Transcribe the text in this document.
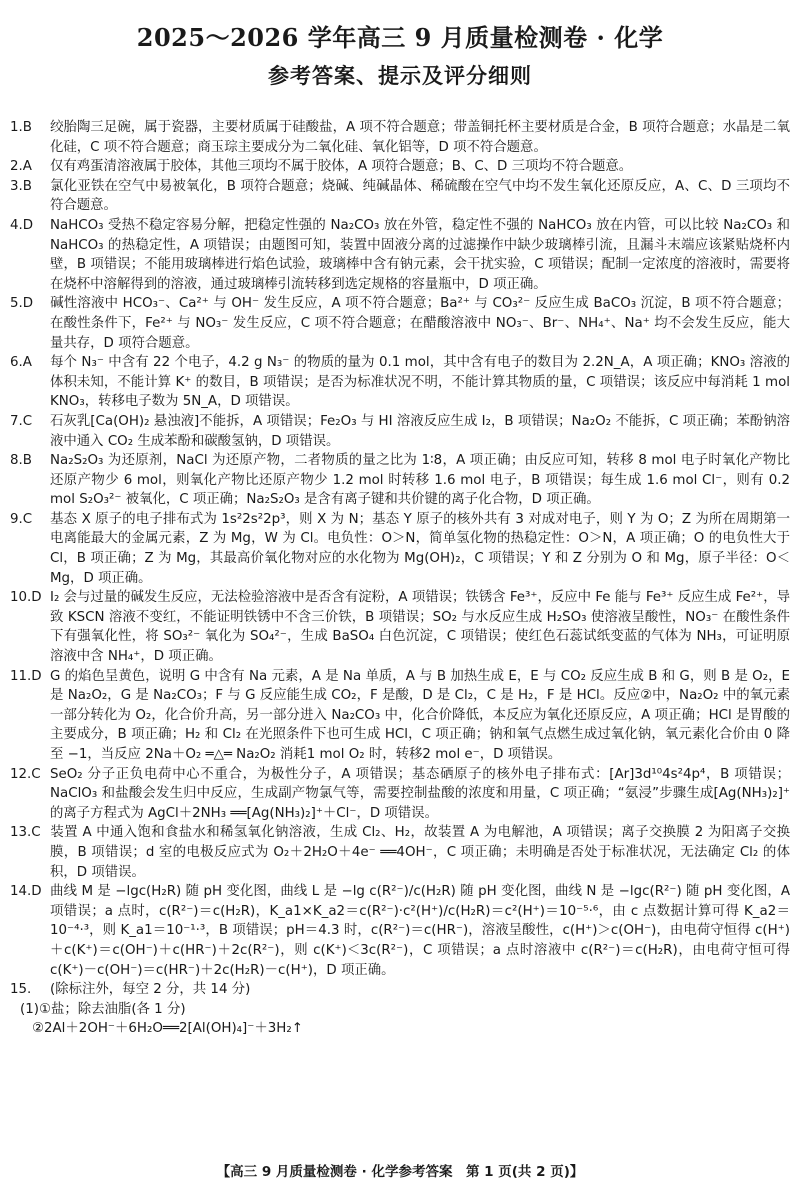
2025～2026 学年高三 9 月质量检测卷 · 化学
参考答案、提示及评分细则

1.B 绞胎陶三足碗，属于瓷器，主要材质属于硅酸盐，A 项不符合题意；带盖铜托杯主要材质是合金，B 项符合题意；水晶是二氧化硅，C 项不符合题意；商玉琮主要成分为二氧化硅、氧化铝等，D 项不符合题意。

2.A 仅有鸡蛋清溶液属于胶体，其他三项均不属于胶体，A 项符合题意；B、C、D 三项均不符合题意。

3.B 氯化亚铁在空气中易被氧化，B 项符合题意；烧碱、纯碱晶体、稀硫酸在空气中均不发生氧化还原反应，A、C、D 三项均不符合题意。

4.D NaHCO₃ 受热不稳定容易分解，把稳定性强的 Na₂CO₃ 放在外管，稳定性不强的 NaHCO₃ 放在内管，可以比较 Na₂CO₃ 和 NaHCO₃ 的热稳定性，A 项错误；由题图可知，装置中固液分离的过滤操作中缺少玻璃棒引流，且漏斗末端应该紧贴烧杯内壁，B 项错误；不能用玻璃棒进行焰色试验，玻璃棒中含有钠元素，会干扰实验，C 项错误；配制一定浓度的溶液时，需要将在烧杯中溶解得到的溶液，通过玻璃棒引流转移到选定规格的容量瓶中，D 项正确。

5.D 碱性溶液中 HCO₃⁻、Ca²⁺ 与 OH⁻ 发生反应，A 项不符合题意；Ba²⁺ 与 CO₃²⁻ 反应生成 BaCO₃ 沉淀，B 项不符合题意；在酸性条件下，Fe²⁺ 与 NO₃⁻ 发生反应，C 项不符合题意；在醋酸溶液中 NO₃⁻、Br⁻、NH₄⁺、Na⁺ 均不会发生反应，能大量共存，D 项符合题意。

6.A 每个 N₃⁻ 中含有 22 个电子，4.2 g N₃⁻ 的物质的量为 0.1 mol，其中含有电子的数目为 2.2N_A，A 项正确；KNO₃ 溶液的体积未知，不能计算 K⁺ 的数目，B 项错误；是否为标准状况不明，不能计算其物质的量，C 项错误；该反应中每消耗 1 mol KNO₃，转移电子数为 5N_A，D 项错误。

7.C 石灰乳[Ca(OH)₂ 悬浊液]不能拆，A 项错误；Fe₂O₃ 与 HI 溶液反应生成 I₂，B 项错误；Na₂O₂ 不能拆，C 项正确；苯酚钠溶液中通入 CO₂ 生成苯酚和碳酸氢钠，D 项错误。

8.B Na₂S₂O₃ 为还原剂，NaCl 为还原产物，二者物质的量之比为 1∶8，A 项正确；由反应可知，转移 8 mol 电子时氧化产物比还原产物少 6 mol，则氧化产物比还原产物少 1.2 mol 时转移 1.6 mol 电子，B 项错误；每生成 1.6 mol Cl⁻，则有 0.2 mol S₂O₃²⁻ 被氧化，C 项正确；Na₂S₂O₃ 是含有离子键和共价键的离子化合物，D 项正确。

9.C 基态 X 原子的电子排布式为 1s²2s²2p³，则 X 为 N；基态 Y 原子的核外共有 3 对成对电子，则 Y 为 O；Z 为所在周期第一电离能最大的金属元素，Z 为 Mg，W 为 Cl。电负性：O＞N，简单氢化物的热稳定性：O＞N，A 项正确；O 的电负性大于 Cl，B 项正确；Z 为 Mg，其最高价氧化物对应的水化物为 Mg(OH)₂，C 项错误；Y 和 Z 分别为 O 和 Mg，原子半径：O＜Mg，D 项正确。

10.D I₂ 会与过量的碱发生反应，无法检验溶液中是否含有淀粉，A 项错误；铁锈含 Fe³⁺，反应中 Fe 能与 Fe³⁺ 反应生成 Fe²⁺，导致 KSCN 溶液不变红，不能证明铁锈中不含三价铁，B 项错误；SO₂ 与水反应生成 H₂SO₃ 使溶液呈酸性，NO₃⁻ 在酸性条件下有强氧化性，将 SO₃²⁻ 氧化为 SO₄²⁻，生成 BaSO₄ 白色沉淀，C 项错误；使红色石蕊试纸变蓝的气体为 NH₃，可证明原溶液中含 NH₄⁺，D 项正确。

11.D G 的焰色呈黄色，说明 G 中含有 Na 元素，A 是 Na 单质，A 与 B 加热生成 E，E 与 CO₂ 反应生成 B 和 G，则 B 是 O₂，E 是 Na₂O₂，G 是 Na₂CO₃；F 与 G 反应能生成 CO₂，F 是酸，D 是 Cl₂，C 是 H₂，F 是 HCl。反应②中，Na₂O₂ 中的氧元素一部分转化为 O₂，化合价升高，另一部分进入 Na₂CO₃ 中，化合价降低，本反应为氧化还原反应，A 项正确；HCl 是胃酸的主要成分，B 项正确；H₂ 和 Cl₂ 在光照条件下也可生成 HCl，C 项正确；钠和氧气点燃生成过氧化钠，氧元素化合价由 0 降至 −1，当反应 2Na＋O₂ ═△═ Na₂O₂ 消耗1 mol O₂ 时，转移2 mol e⁻，D 项错误。

12.C SeO₂ 分子正负电荷中心不重合，为极性分子，A 项错误；基态硒原子的核外电子排布式：[Ar]3d¹⁰4s²4p⁴，B 项错误；NaClO₃ 和盐酸会发生归中反应，生成副产物氯气等，需要控制盐酸的浓度和用量，C 项正确；“氨浸”步骤生成[Ag(NH₃)₂]⁺ 的离子方程式为 AgCl＋2NH₃ ══[Ag(NH₃)₂]⁺＋Cl⁻，D 项错误。

13.C 装置 A 中通入饱和食盐水和稀氢氧化钠溶液，生成 Cl₂、H₂，故装置 A 为电解池，A 项错误；离子交换膜 2 为阳离子交换膜，B 项错误；d 室的电极反应式为 O₂＋2H₂O＋4e⁻ ══4OH⁻，C 项正确；未明确是否处于标准状况，无法确定 Cl₂ 的体积，D 项错误。

14.D 曲线 M 是 −lgc(H₂R) 随 pH 变化图，曲线 L 是 −lg c(R²⁻)/c(H₂R) 随 pH 变化图，曲线 N 是 −lgc(R²⁻) 随 pH 变化图，A 项错误；a 点时，c(R²⁻)＝c(H₂R)，K_a1×K_a2＝c(R²⁻)·c²(H⁺)/c(H₂R)＝c²(H⁺)＝10⁻⁵·⁶，由 c 点数据计算可得 K_a2＝10⁻⁴·³，则 K_a1＝10⁻¹·³，B 项错误；pH＝4.3 时，c(R²⁻)＝c(HR⁻)，溶液呈酸性，c(H⁺)＞c(OH⁻)，由电荷守恒得 c(H⁺)＋c(K⁺)＝c(OH⁻)＋c(HR⁻)＋2c(R²⁻)，则 c(K⁺)＜3c(R²⁻)，C 项错误；a 点时溶液中 c(R²⁻)＝c(H₂R)，由电荷守恒可得 c(K⁺)－c(OH⁻)＝c(HR⁻)＋2c(H₂R)－c(H⁺)，D 项正确。

15. (除标注外，每空 2 分，共 14 分)

(1)①盐；除去油脂(各 1 分)

②2Al＋2OH⁻＋6H₂O══2[Al(OH)₄]⁻＋3H₂↑

【高三 9 月质量检测卷 · 化学参考答案　第 1 页(共 2 页)】
